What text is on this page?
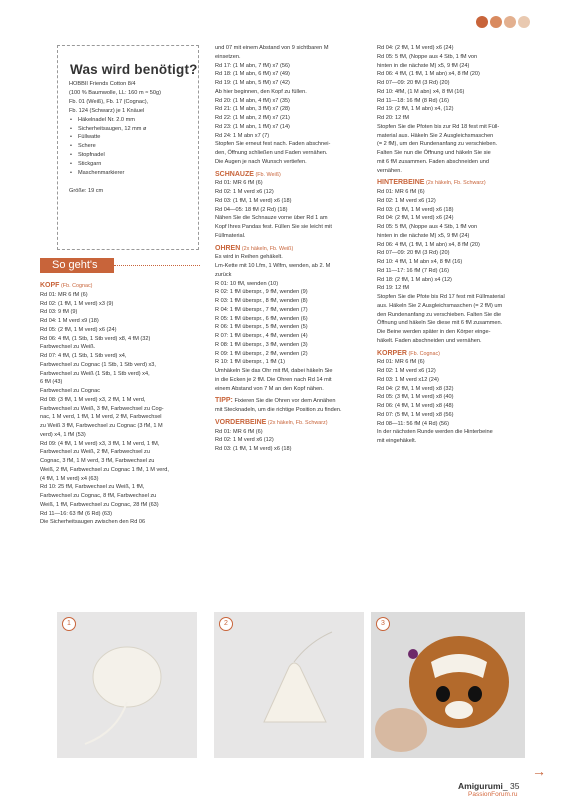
Was wird benötigt?
HOBBII Friends Cotton 8/4
(100 % Baumwolle, LL: 160 m ≈ 50g)
Fb. 01 (Weiß), Fb. 17 (Cognac),
Fb. 124 (Schwarz) je 1 Knäuel
• Häkelnadel Nr. 2.0 mm
• Sicherheitsaugen, 12 mm ø
• Füllwatte
• Schere
• Stopfnadel
• Stickgarn
• Maschenmarkierer
Größe: 19 cm
So geht's
KOPF (Fb. Cognac)
Rd 01: MR 6 fM (6)
Rd 02: (1 fM, 1 M verd) x3 (9)
Rd 03: 9 fM (9)
Rd 04: 1 M verd x9 (18)
Rd 05: (2 fM, 1 M verd) x6 (24)
Rd 06: 4 fM, (1 Stb, 1 Stb verd) x8, 4 fM (32)
Farbwechsel zu Weiß.
Rd 07: 4 fM, (1 Stb, 1 Stb verd) x4,
Farbwechsel zu Cognac (1 Stb, 1 Stb verd) x3,
Farbwechsel zu Weiß (1 Stb, 1 Stb verd) x4,
6 fM (43)
Farbwechsel zu Cognac
Rd 08: (3 fM, 1 M verd) x3, 2 fM, 1 M verd,
Farbwechsel zu Weiß, 3 fM, Farbwechsel zu Cog-
nac, 1 M verd, 1 fM, 1 M verd, 2 fM, Farbwechsel
zu Weiß 3 fM, Farbwechsel zu Cognac (3 fM, 1 M
verd) x4, 1 fM (53)
Rd 09: (4 fM, 1 M verd) x3, 3 fM, 1 M verd, 1 fM,
Farbwechsel zu Weiß, 2 fM, Farbwechsel zu
Cognac, 3 fM, 1 M verd, 3 fM, Farbwechsel zu
Weiß, 2 fM, Farbwechsel zu Cognac 1 fM, 1 M verd,
(4 fM, 1 M verd) x4 (63)
Rd 10: 25 fM, Farbwechsel zu Weiß, 1 fM,
Farbwechsel zu Cognac, 8 fM, Farbwechsel zu
Weiß, 1 fM, Farbwechsel zu Cognac, 28 fM (63)
Rd 11—16: 63 fM (6 Rd) (63)
Die Sicherheitsaugen zwischen den Rd 06
und 07 mit einem Abstand von 9 sichtbaren M
einsetzen.
Rd 17: (1 M abn, 7 fM) x7 (56)
Rd 18: (1 M abn, 6 fM) x7 (49)
Rd 19: (1 M abn, 5 fM) x7 (42)
Ab hier beginnen, den Kopf zu füllen.
Rd 20: (1 M abn, 4 fM) x7 (35)
Rd 21: (1 M abn, 3 fM) x7 (28)
Rd 22: (1 M abn, 2 fM) x7 (21)
Rd 23: (1 M abn, 1 fM) x7 (14)
Rd 24: 1 M abn x7 (7)
Stopfen Sie erneut fest nach. Faden abschnei-
den, Öffnung schließen und Faden vernähen.
Die Augen je nach Wunsch vertiefen.
SCHNAUZE (Fb. Weiß)
Rd 01: MR 6 fM (6)
Rd 02: 1 M verd x6 (12)
Rd 03: (1 fM, 1 M verd) x6 (18)
Rd 04—05: 18 fM (2 Rd) (18)
Nähen Sie die Schnauze vorne über Rd 1 am
Kopf Ihres Pandas fest. Füllen Sie sie leicht mit
Füllmaterial.
OHREN (2x häkeln, Fb. Weiß)
Es wird in Reihen gehäkelt.
Lm-Kette mit 10 Lfm, 1 Wlfm, wenden, ab 2. M
zurück
R 01: 10 fM, wenden (10)
R 02: 1 fM überspr., 9 fM, wenden (9)
R 03: 1 fM überspr., 8 fM, wenden (8)
R 04: 1 fM überspr., 7 fM, wenden (7)
R 05: 1 fM überspr., 6 fM, wenden (6)
R 06: 1 fM überspr., 5 fM, wenden (5)
R 07: 1 fM überspr., 4 fM, wenden (4)
R 08: 1 fM überspr., 3 fM, wenden (3)
R 09: 1 fM überspr., 2 fM, wenden (2)
R 10: 1 fM überspr., 1 fM (1)
Umhäkeln Sie das Ohr mit fM, dabei häkeln Sie
in die Ecken je 2 fM. Die Ohren nach Rd 14 mit
einem Abstand von 7 M an den Kopf nähen.
TIPP: Fixieren Sie die Ohren vor dem Annähen
mit Stecknadeln, um die richtige Position zu finden.
VORDERBEINE (2x häkeln, Fb. Schwarz)
Rd 01: MR 6 fM (6)
Rd 02: 1 M verd x6 (12)
Rd 03: (1 fM, 1 M verd) x6 (18)
Rd 04: (2 fM, 1 M verd) x6 (24)
Rd 05: 5 fM, (Noppe aus 4 Stb, 1 fM von
hinten in die nächste M) x5, 9 fM (24)
Rd 06: 4 fM, (1 fM, 1 M abn) x4, 8 fM (20)
Rd 07—09: 20 fM (3 Rd) (20)
Rd 10: 4fM, (1 M abn) x4, 8 fM (16)
Rd 11—18: 16 fM (8 Rd) (16)
Rd 19: (2 fM, 1 M abn) x4, (12)
Rd 20: 12 fM
Stopfen Sie die Pfoten bis zur Rd 18 fest mit Füll-
material aus. Häkeln Sie 2 Ausgleichsmaschen
(= 2 fM), um den Rundenanfang zu verschieben.
Falten Sie nun die Öffnung und häkeln Sie sie
mit 6 fM zusammen. Faden abschneiden und
vernähen.
HINTERBEINE (2x häkeln, Fb. Schwarz)
Rd 01: MR 6 fM (6)
Rd 02: 1 M verd x6 (12)
Rd 03: (1 fM, 1 M verd) x6 (18)
Rd 04: (2 fM, 1 M verd) x6 (24)
Rd 05: 5 fM, (Noppe aus 4 Stb, 1 fM von
hinten in die nächste M) x5, 9 fM (24)
Rd 06: 4 fM, (1 fM, 1 M abn) x4, 8 fM (20)
Rd 07—09: 20 fM (3 Rd) (20)
Rd 10: 4 fM, 1 M abn x4, 8 fM (16)
Rd 11—17: 16 fM (7 Rd) (16)
Rd 18: (2 fM, 1 M abn) x4 (12)
Rd 19: 12 fM
Stopfen Sie die Pfote bis Rd 17 fest mit Füllmaterial
aus. Häkeln Sie 2 Ausgleichsmaschen (= 2 fM) um
den Rundenanfang zu verschieben. Falten Sie die
Öffnung und häkeln Sie diese mit 6 fM zusammen.
Die Beine werden später in den Körper einge-
häkelt. Faden abschneiden und vernähen.
KÖRPER (Fb. Cognac)
Rd 01: MR 6 fM (6)
Rd 02: 1 M verd x6 (12)
Rd 03: 1 M verd x12 (24)
Rd 04: (2 fM, 1 M verd) x8 (32)
Rd 05: (3 fM, 1 M verd) x8 (40)
Rd 06: (4 fM, 1 M verd) x8 (48)
Rd 07: (5 fM, 1 M verd) x8 (56)
Rd 08—11: 56 fM (4 Rd) (56)
In der nächsten Runde werden die Hinterbeine
mit eingehäkelt.
1	2	3
→
Amigurumi_ 35
PassionForum.ru
